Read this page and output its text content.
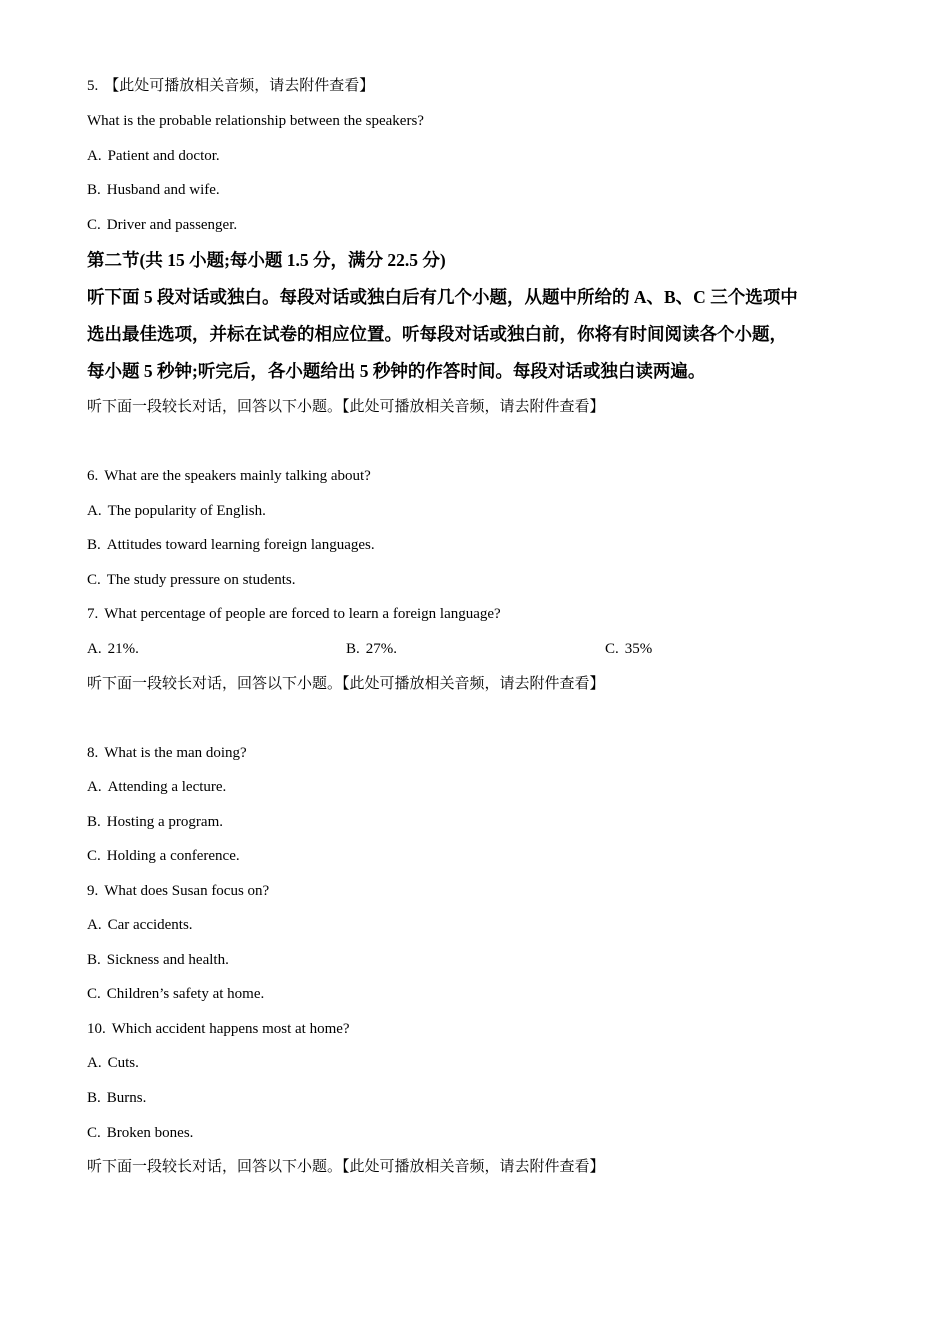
5. 【此处可播放相关音频，请去附件查看】
What is the probable relationship between the speakers?
A. Patient and doctor.
B. Husband and wife.
C. Driver and passenger.
第二节(共 15 小题;每小题 1.5 分，满分 22.5 分)
听下面 5 段对话或独白。每段对话或独白后有几个小题，从题中所给的 A、B、C 三个选项中
选出最佳选项，并标在试卷的相应位置。听每段对话或独白前，你将有时间阅读各个小题，
每小题 5 秒钟;听完后，各小题给出 5 秒钟的作答时间。每段对话或独白读两遍。
听下面一段较长对话，回答以下小题。【此处可播放相关音频，请去附件查看】
6. What are the speakers mainly talking about?
A. The popularity of English.
B. Attitudes toward learning foreign languages.
C. The study pressure on students.
7. What percentage of people are forced to learn a foreign language?
A. 21%.	B. 27%.	C. 35%
听下面一段较长对话，回答以下小题。【此处可播放相关音频，请去附件查看】
8. What is the man doing?
A. Attending a lecture.
B. Hosting a program.
C. Holding a conference.
9. What does Susan focus on?
A. Car accidents.
B. Sickness and health.
C. Children’s safety at home.
10. Which accident happens most at home?
A. Cuts.
B. Burns.
C. Broken bones.
听下面一段较长对话，回答以下小题。【此处可播放相关音频，请去附件查看】
